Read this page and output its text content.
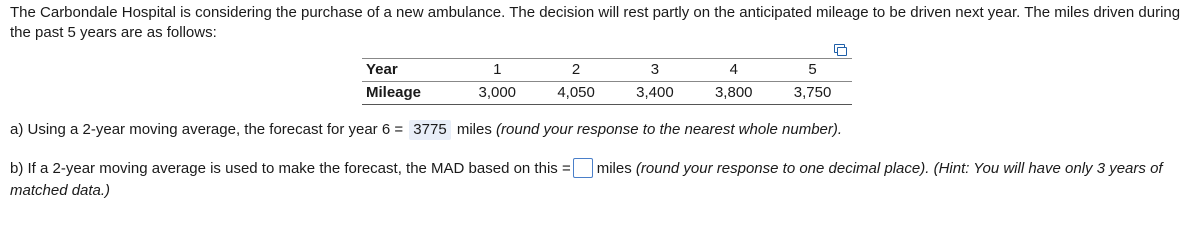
The Carbondale Hospital is considering the purchase of a new ambulance. The decision will rest partly on the anticipated mileage to be driven next year. The miles driven during the past 5 years are as follows:
Year	1	2	3	4	5
Mileage	3,000	4,050	3,400	3,800	3,750
a) Using a 2-year moving average, the forecast for year 6 = 3775 miles (round your response to the nearest whole number).
b) If a 2-year moving average is used to make the forecast, the MAD based on this = miles (round your response to one decimal place). (Hint: You will have only 3 years of
matched data.)
